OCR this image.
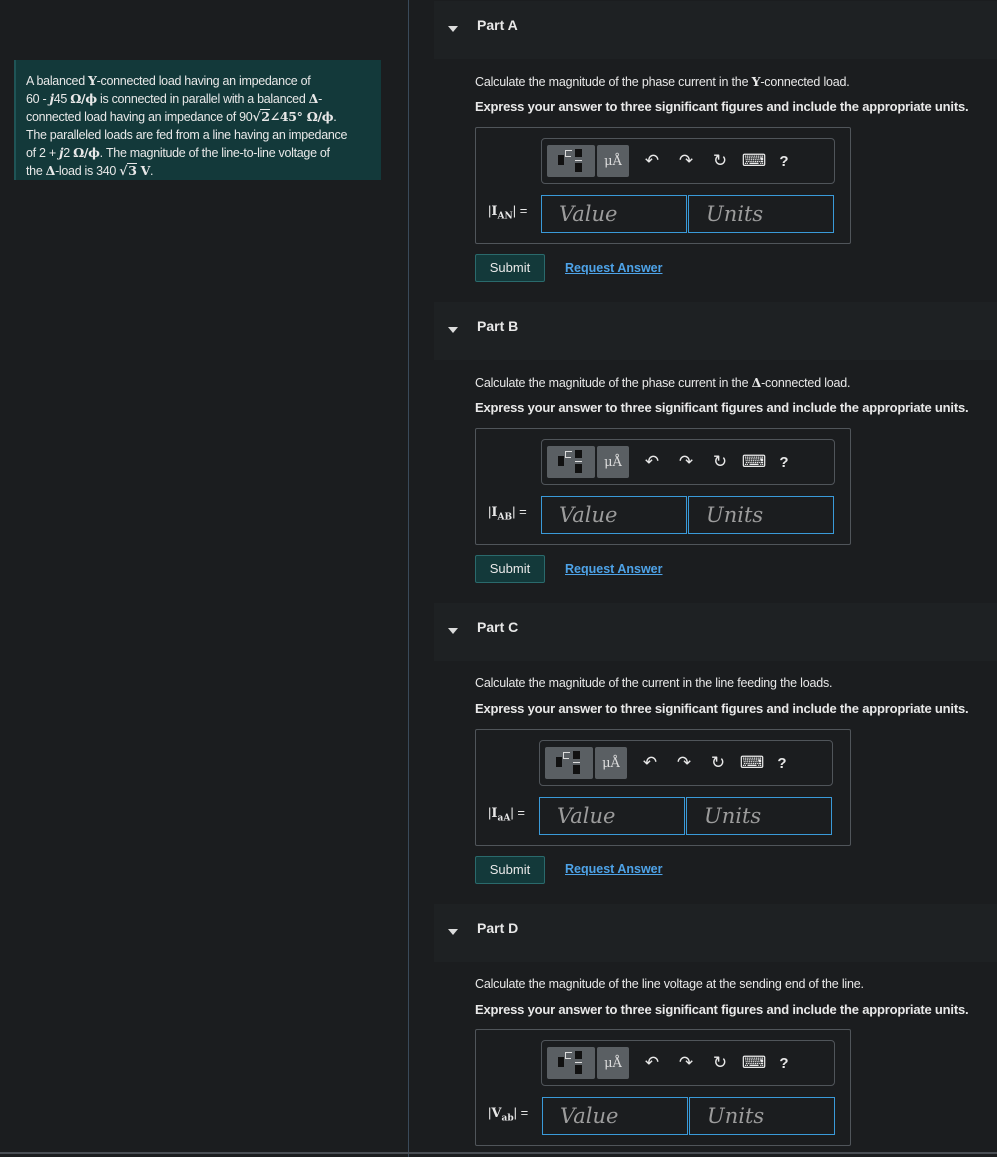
A balanced Y-connected load having an impedance of
60 - j45 Ω/ϕ is connected in parallel with a balanced Δ-
connected load having an impedance of 90√2∠45° Ω/ϕ.
The paralleled loads are fed from a line having an impedance
of 2 + j2 Ω/ϕ. The magnitude of the line-to-line voltage of
the Δ-load is 340 √3 V.
Part A
Calculate the magnitude of the phase current in the Y-connected load.
Express your answer to three significant figures and include the appropriate units.
μÅ	↶	↷	↻ ⌨ ?
$|I_{AN}|$ =	Value	Units
Submit	Request Answer
Part B
Calculate the magnitude of the phase current in the Δ-connected load.
Express your answer to three significant figures and include the appropriate units.
μÅ	↶	↷	↻ ⌨ ?
$|I_{AB}|$ =	Value	Units
Submit	Request Answer
Part C
Calculate the magnitude of the current in the line feeding the loads.
Express your answer to three significant figures and include the appropriate units.
μÅ	↶	↷	↻ ⌨ ?
$|I_{aA}|$ =	Value	Units
Submit	Request Answer
Part D
Calculate the magnitude of the line voltage at the sending end of the line.
Express your answer to three significant figures and include the appropriate units.
μÅ	↶	↷	↻ ⌨ ?
$|V_{ab}|$ =	Value	Units
